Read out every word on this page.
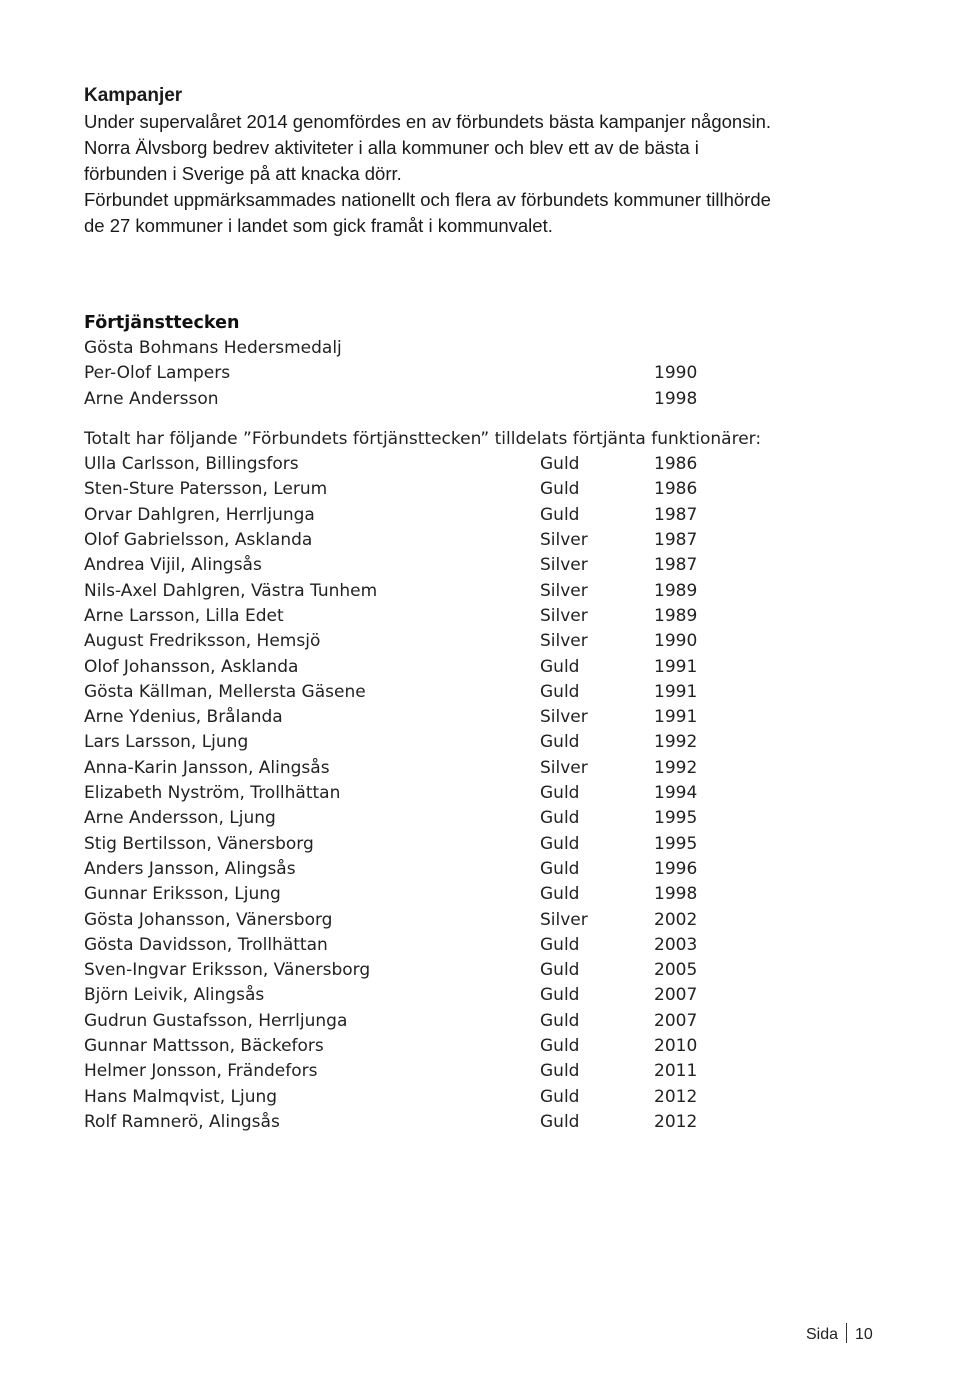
Kampanjer

Under supervalåret 2014 genomfördes en av förbundets bästa kampanjer någonsin.

Norra Älvsborg bedrev aktiviteter i alla kommuner och blev ett av de bästa i

förbunden i Sverige på att knacka dörr.

Förbundet uppmärksammades nationellt och flera av förbundets kommuner tillhörde

de 27 kommuner i landet som gick framåt i kommunvalet.

Förtjänsttecken
Gösta Bohmans Hedersmedalj
Per-Olof Lampers	1990
Arne Andersson	1998

Totalt har följande ”Förbundets förtjänsttecken” tilldelats förtjänta funktionärer:

Ulla Carlsson, Billingsfors	Guld	1986
Sten-Sture Patersson, Lerum	Guld	1986
Orvar Dahlgren, Herrljunga	Guld	1987
Olof Gabrielsson, Asklanda	Silver	1987
Andrea Vijil, Alingsås	Silver	1987
Nils-Axel Dahlgren, Västra Tunhem	Silver	1989
Arne Larsson, Lilla Edet	Silver	1989
August Fredriksson, Hemsjö	Silver	1990
Olof Johansson, Asklanda	Guld	1991
Gösta Källman, Mellersta Gäsene	Guld	1991
Arne Ydenius, Brålanda	Silver	1991
Lars Larsson, Ljung	Guld	1992
Anna-Karin Jansson, Alingsås	Silver	1992
Elizabeth Nyström, Trollhättan	Guld	1994
Arne Andersson, Ljung	Guld	1995
Stig Bertilsson, Vänersborg	Guld	1995
Anders Jansson, Alingsås	Guld	1996
Gunnar Eriksson, Ljung	Guld	1998
Gösta Johansson, Vänersborg	Silver	2002
Gösta Davidsson, Trollhättan	Guld	2003
Sven-Ingvar Eriksson, Vänersborg	Guld	2005
Björn Leivik, Alingsås	Guld	2007
Gudrun Gustafsson, Herrljunga	Guld	2007
Gunnar Mattsson, Bäckefors	Guld	2010
Helmer Jonsson, Frändefors	Guld	2011
Hans Malmqvist, Ljung	Guld	2012
Rolf Ramnerö, Alingsås	Guld	2012
Sida 10
